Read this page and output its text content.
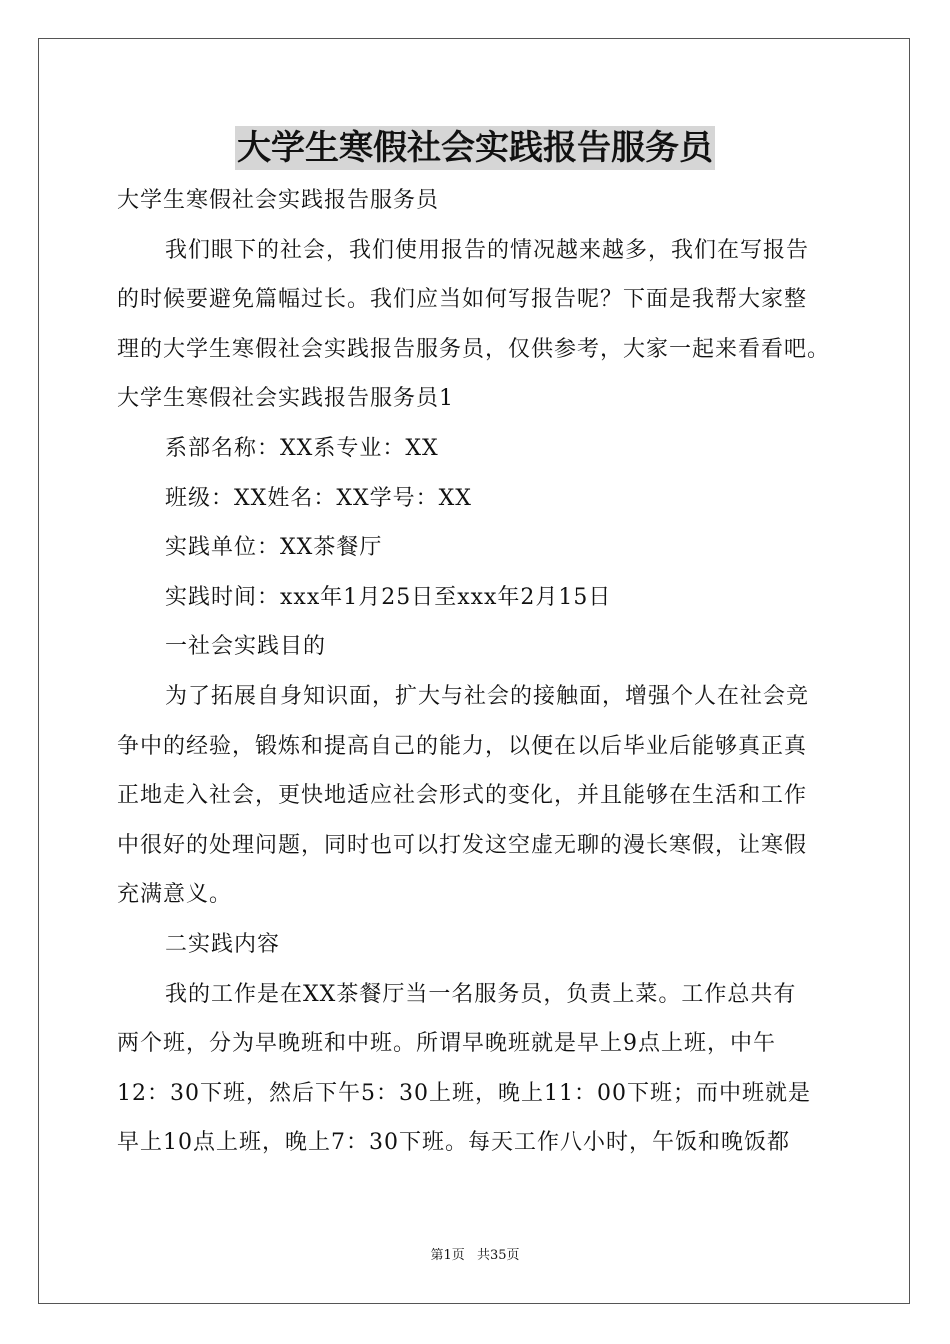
大学生寒假社会实践报告服务员
大学生寒假社会实践报告服务员
我们眼下的社会，我们使用报告的情况越来越多，我们在写报告
的时候要避免篇幅过长。我们应当如何写报告呢？下面是我帮大家整
理的大学生寒假社会实践报告服务员，仅供参考，大家一起来看看吧。
大学生寒假社会实践报告服务员1
系部名称：XX系专业：XX
班级：XX姓名：XX学号：XX
实践单位：XX茶餐厅
实践时间：xxx年1月25日至xxx年2月15日
一社会实践目的
为了拓展自身知识面，扩大与社会的接触面，增强个人在社会竞
争中的经验，锻炼和提高自己的能力，以便在以后毕业后能够真正真
正地走入社会，更快地适应社会形式的变化，并且能够在生活和工作
中很好的处理问题，同时也可以打发这空虚无聊的漫长寒假，让寒假
充满意义。
二实践内容
我的工作是在XX茶餐厅当一名服务员，负责上菜。工作总共有
两个班，分为早晚班和中班。所谓早晚班就是早上9点上班，中午
12：30下班，然后下午5：30上班，晚上11：00下班；而中班就是
早上10点上班，晚上7：30下班。每天工作八小时，午饭和晚饭都
第1页 共35页
